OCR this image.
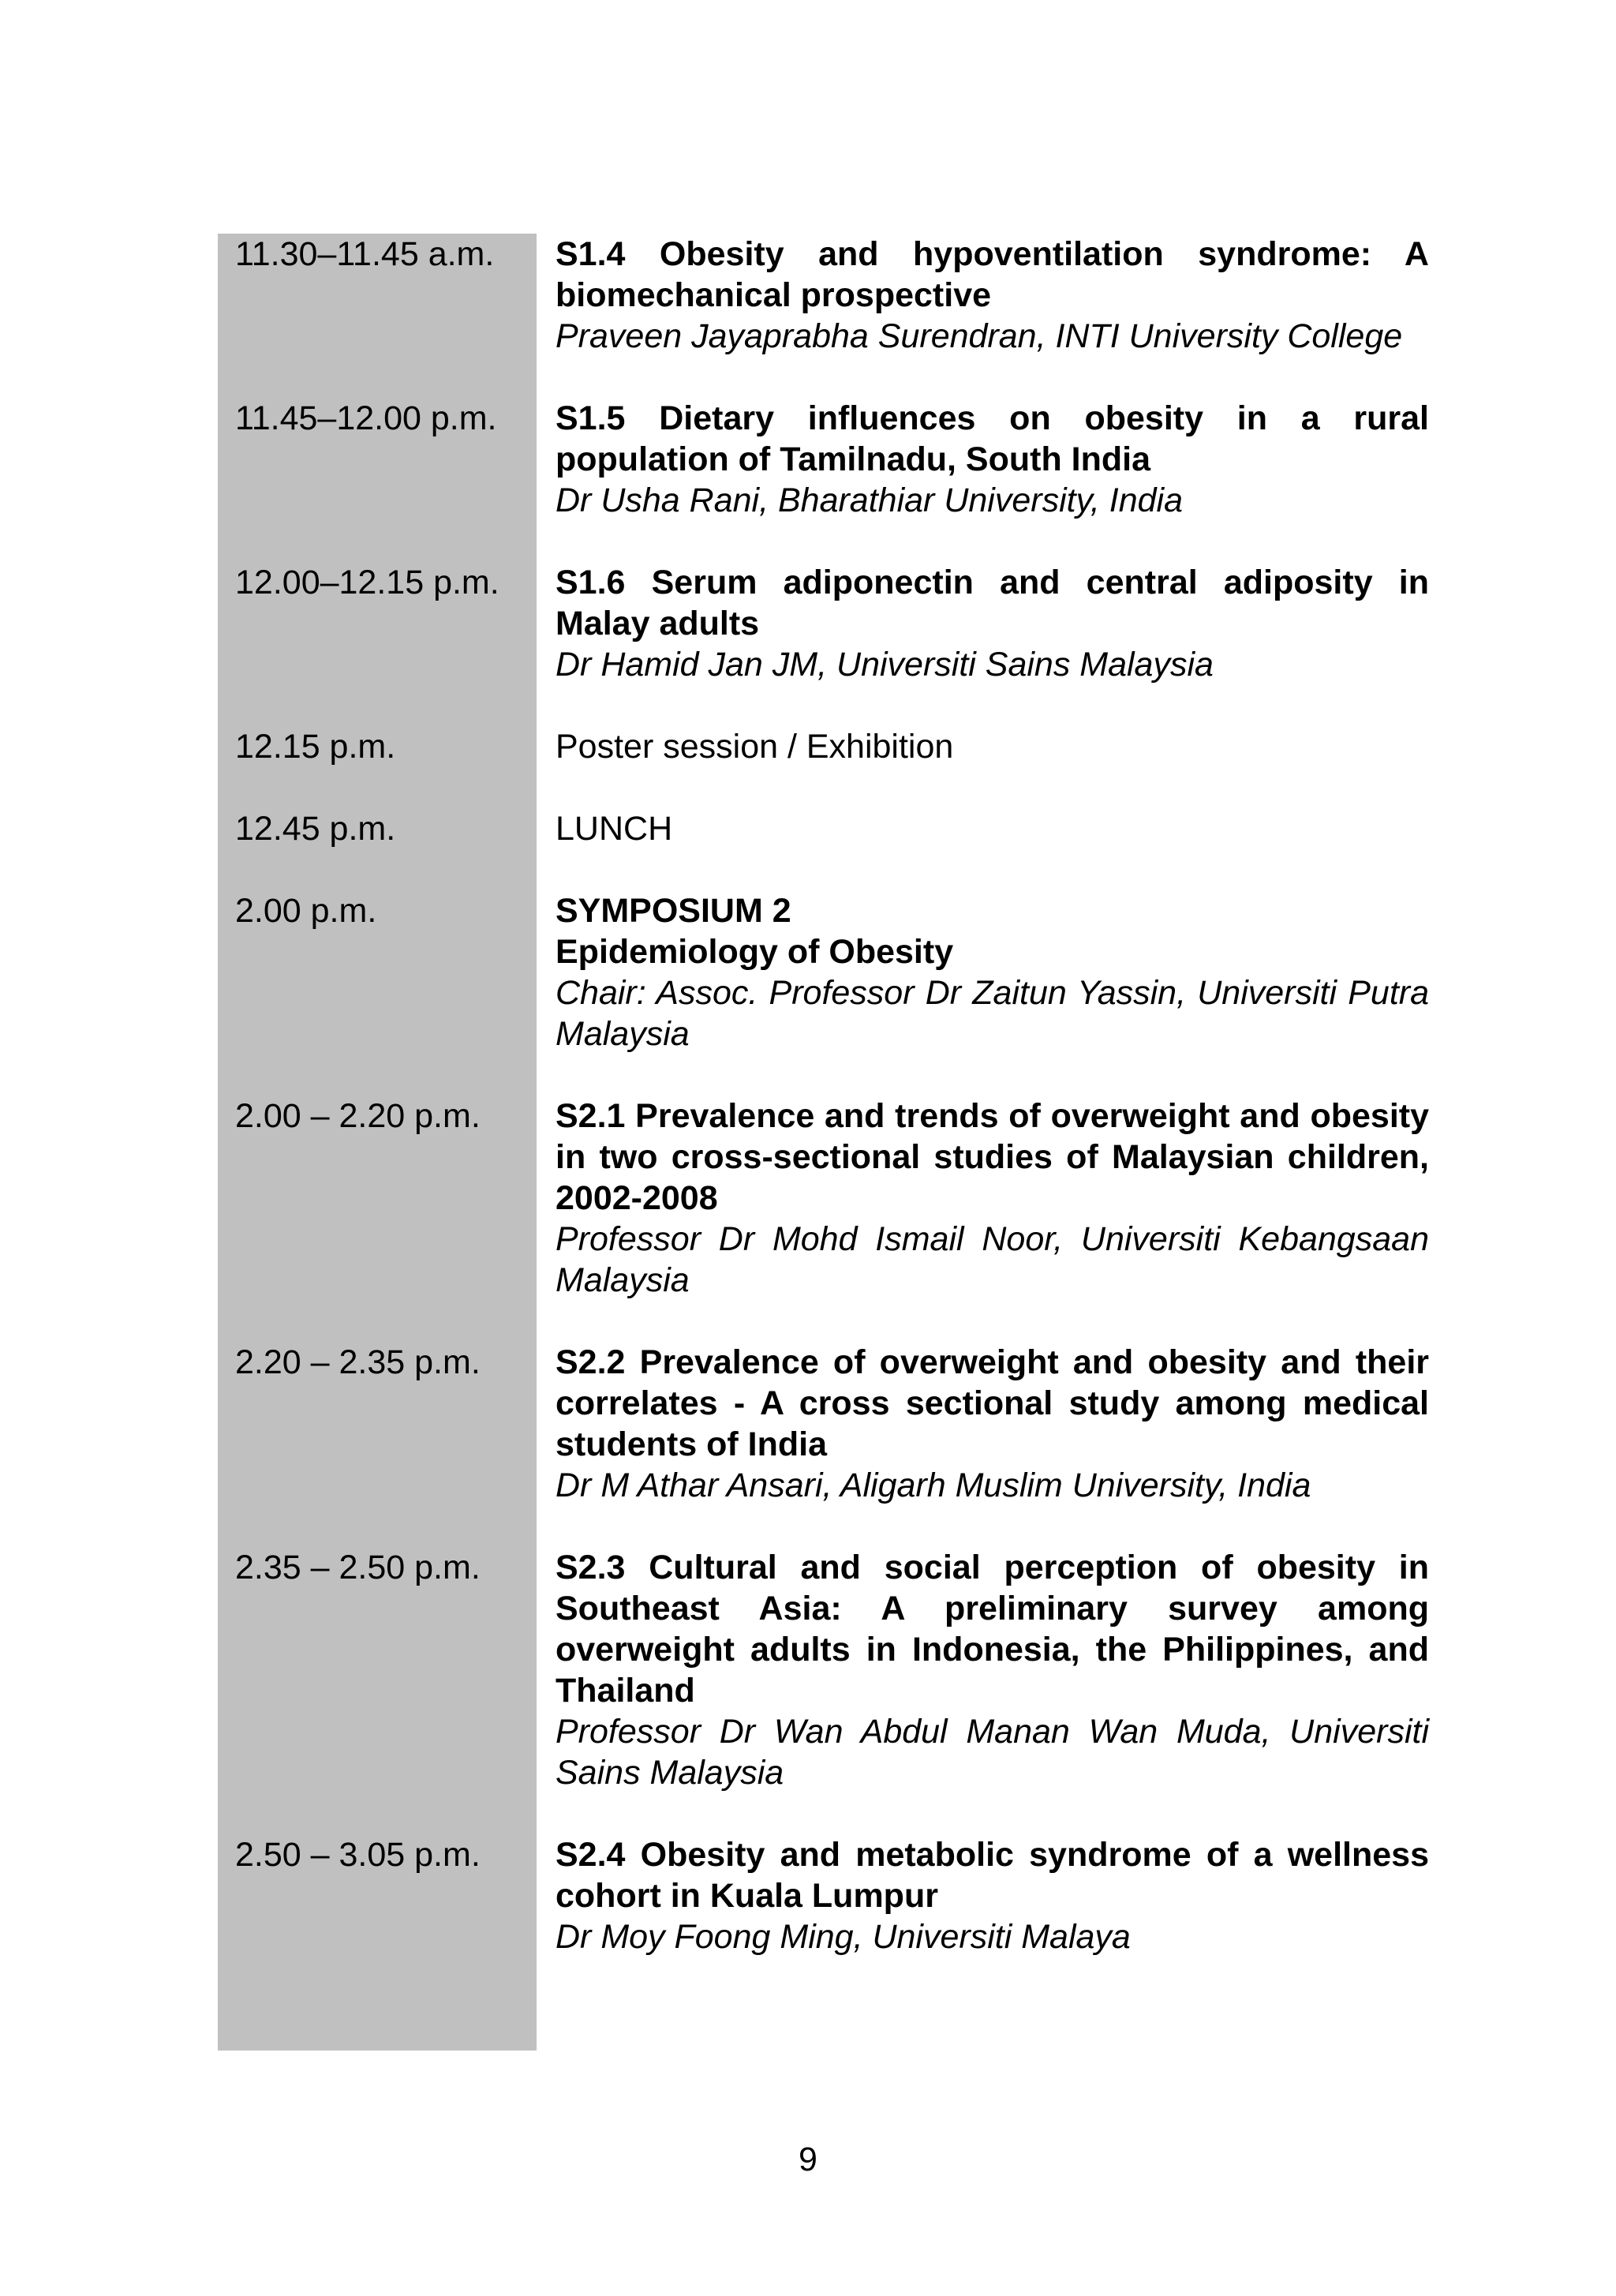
11.30–11.45 a.m.	S1.4 Obesity and hypoventilation syndrome: A biomechanical prospective
Praveen Jayaprabha Surendran, INTI University College
11.45–12.00 p.m.	S1.5 Dietary influences on obesity in a rural population of Tamilnadu, South India
Dr Usha Rani, Bharathiar University, India
12.00–12.15 p.m.	S1.6 Serum adiponectin and central adiposity in Malay adults
Dr Hamid Jan JM, Universiti Sains Malaysia
12.15 p.m.	Poster session / Exhibition
12.45 p.m.	LUNCH
2.00 p.m.	SYMPOSIUM 2
Epidemiology of Obesity
Chair: Assoc. Professor Dr Zaitun Yassin, Universiti Putra Malaysia
2.00 – 2.20 p.m.	S2.1 Prevalence and trends of overweight and obesity in two cross-sectional studies of Malaysian children, 2002-2008
Professor Dr Mohd Ismail Noor, Universiti Kebangsaan Malaysia
2.20 – 2.35 p.m.	S2.2 Prevalence of overweight and obesity and their correlates - A cross sectional study among medical students of India
Dr M Athar Ansari, Aligarh Muslim University, India
2.35 – 2.50 p.m.	S2.3 Cultural and social perception of obesity in Southeast Asia: A preliminary survey among overweight adults in Indonesia, the Philippines, and Thailand
Professor Dr Wan Abdul Manan Wan Muda, Universiti Sains Malaysia
2.50 – 3.05 p.m.	S2.4 Obesity and metabolic syndrome of a wellness cohort in Kuala Lumpur
Dr Moy Foong Ming, Universiti Malaya
9
